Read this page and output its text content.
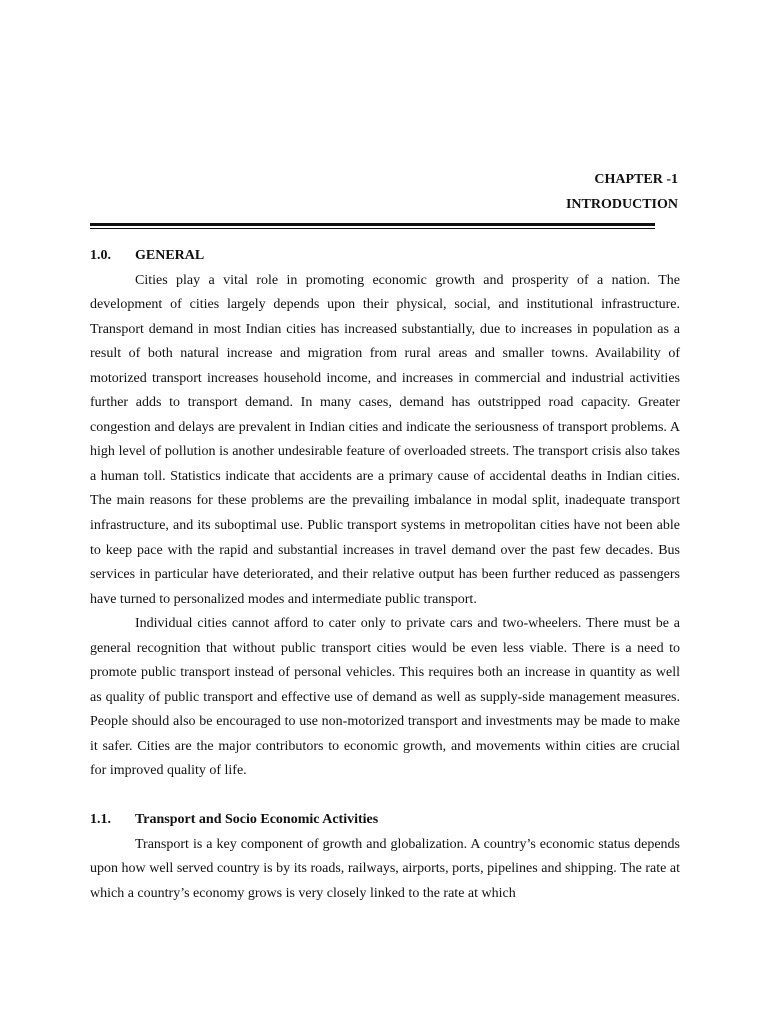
CHAPTER -1
INTRODUCTION
1.0.	GENERAL

Cities play a vital role in promoting economic growth and prosperity of a nation. The development of cities largely depends upon their physical, social, and institutional infrastructure. Transport demand in most Indian cities has increased substantially, due to increases in population as a result of both natural increase and migration from rural areas and smaller towns. Availability of motorized transport increases household income, and increases in commercial and industrial activities further adds to transport demand. In many cases, demand has outstripped road capacity. Greater congestion and delays are prevalent in Indian cities and indicate the seriousness of transport problems. A high level of pollution is another undesirable feature of overloaded streets. The transport crisis also takes a human toll. Statistics indicate that accidents are a primary cause of accidental deaths in Indian cities. The main reasons for these problems are the prevailing imbalance in modal split, inadequate transport infrastructure, and its suboptimal use. Public transport systems in metropolitan cities have not been able to keep pace with the rapid and substantial increases in travel demand over the past few decades. Bus services in particular have deteriorated, and their relative output has been further reduced as passengers have turned to personalized modes and intermediate public transport.

Individual cities cannot afford to cater only to private cars and two-wheelers. There must be a general recognition that without public transport cities would be even less viable. There is a need to promote public transport instead of personal vehicles. This requires both an increase in quantity as well as quality of public transport and effective use of demand as well as supply-side management measures. People should also be encouraged to use non-motorized transport and investments may be made to make it safer. Cities are the major contributors to economic growth, and movements within cities are crucial for improved quality of life.

1.1.	Transport and Socio Economic Activities

Transport is a key component of growth and globalization. A country’s economic status depends upon how well served country is by its roads, railways, airports, ports, pipelines and shipping. The rate at which a country’s economy grows is very closely linked to the rate at which
